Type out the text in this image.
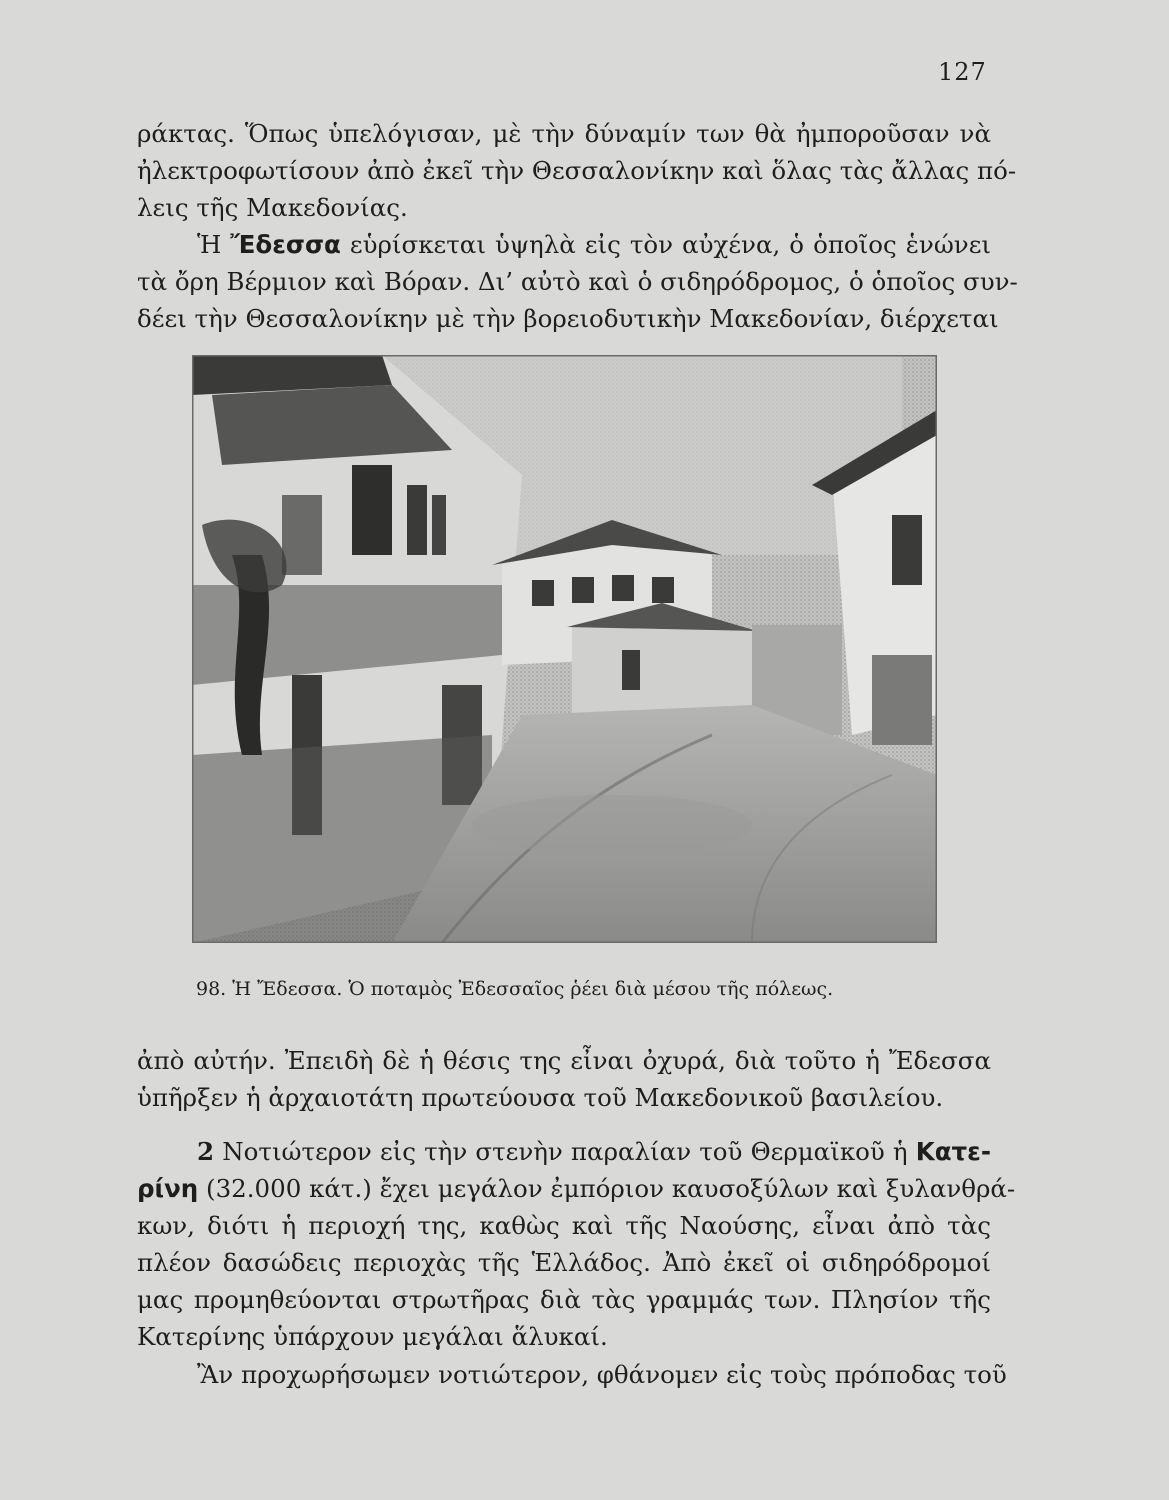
127
ράκτας. Ὅπως ὑπελόγισαν, μὲ τὴν δύναμίν των θὰ ἠμποροῦσαν νὰ
ἠλεκτροφωτίσουν ἀπὸ ἐκεῖ τὴν Θεσσαλονίκην καὶ ὅλας τὰς ἄλλας πό-
λεις τῆς Μακεδονίας.
Ἡ Ἔδεσσα εὑρίσκεται ὑψηλὰ εἰς τὸν αὐχένα, ὁ ὁποῖος ἑνώνει
τὰ ὄρη Βέρμιον καὶ Βόραν. Δι’ αὐτὸ καὶ ὁ σιδηρόδρομος, ὁ ὁποῖος συν-
δέει τὴν Θεσσαλονίκην μὲ τὴν βορειοδυτικὴν Μακεδονίαν, διέρχεται
98. Ἡ Ἔδεσσα. Ὁ ποταμὸς Ἐδεσσαῖος ῥέει διὰ μέσου τῆς πόλεως.
ἀπὸ αὐτήν. Ἐπειδὴ δὲ ἡ θέσις της εἶναι ὀχυρά, διὰ τοῦτο ἡ Ἔδεσσα
ὑπῆρξεν ἡ ἀρχαιοτάτη πρωτεύουσα τοῦ Μακεδονικοῦ βασιλείου.
2 Νοτιώτερον εἰς τὴν στενὴν παραλίαν τοῦ Θερμαϊκοῦ ἡ Κατε-
ρίνη (32.000 κάτ.) ἔχει μεγάλον ἐμπόριον καυσοξύλων καὶ ξυλανθρά-
κων, διότι ἡ περιοχή της, καθὼς καὶ τῆς Ναούσης, εἶναι ἀπὸ τὰς
πλέον δασώδεις περιοχὰς τῆς Ἑλλάδος. Ἀπὸ ἐκεῖ οἱ σιδηρόδρομοί
μας προμηθεύονται στρωτῆρας διὰ τὰς γραμμάς των. Πλησίον τῆς
Κατερίνης ὑπάρχουν μεγάλαι ἅλυκαί.
Ἂν προχωρήσωμεν νοτιώτερον, φθάνομεν εἰς τοὺς πρόποδας τοῦ
